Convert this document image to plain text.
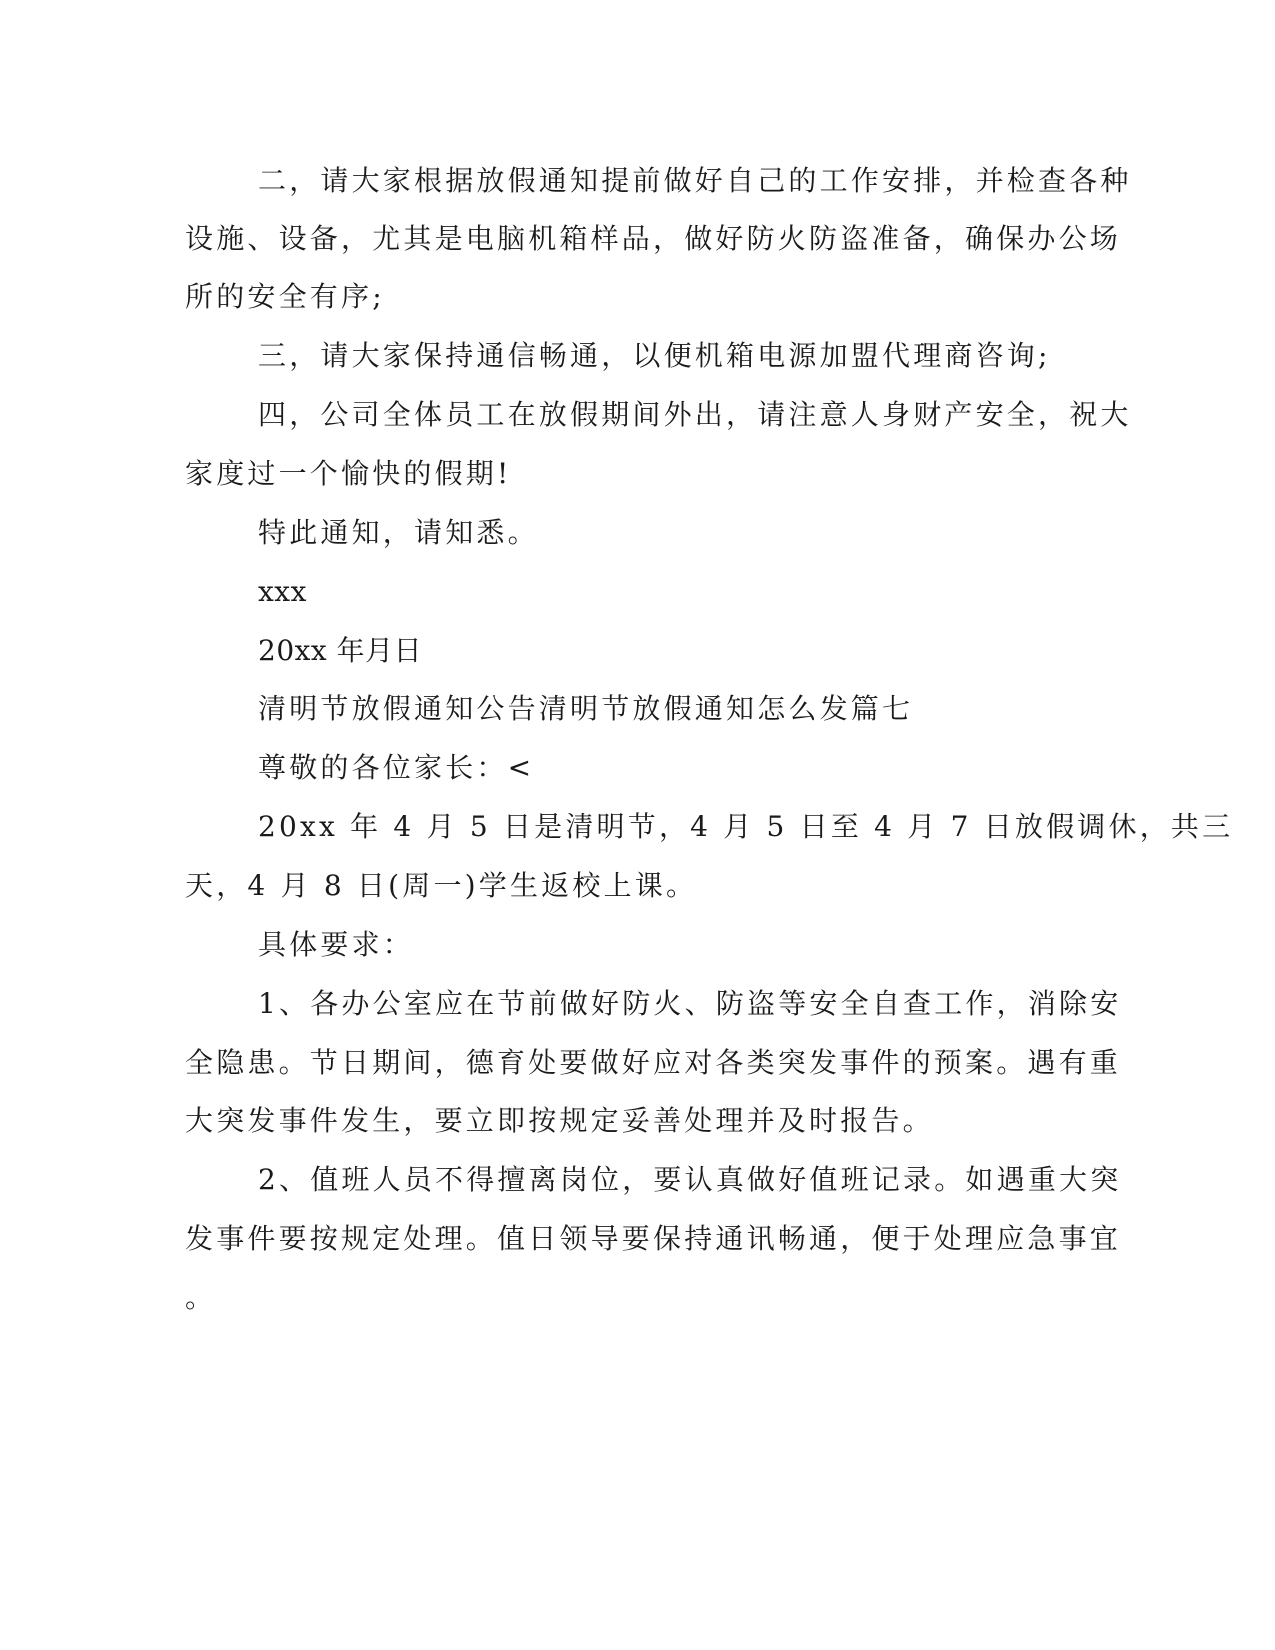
二，请大家根据放假通知提前做好自己的工作安排，并检查各种
设施、设备，尤其是电脑机箱样品，做好防火防盗准备，确保办公场
所的安全有序;
三，请大家保持通信畅通，以便机箱电源加盟代理商咨询;
四，公司全体员工在放假期间外出，请注意人身财产安全，祝大
家度过一个愉快的假期!
特此通知，请知悉。
xxx
20xx 年月日
清明节放假通知公告清明节放假通知怎么发篇七
尊敬的各位家长：<
20xx 年 4 月 5 日是清明节，4 月 5 日至 4 月 7 日放假调休，共三
天，4 月 8 日(周一)学生返校上课。
具体要求：
1、各办公室应在节前做好防火、防盗等安全自查工作，消除安
全隐患。节日期间，德育处要做好应对各类突发事件的预案。遇有重
大突发事件发生，要立即按规定妥善处理并及时报告。
2、值班人员不得擅离岗位，要认真做好值班记录。如遇重大突
发事件要按规定处理。值日领导要保持通讯畅通，便于处理应急事宜
。
